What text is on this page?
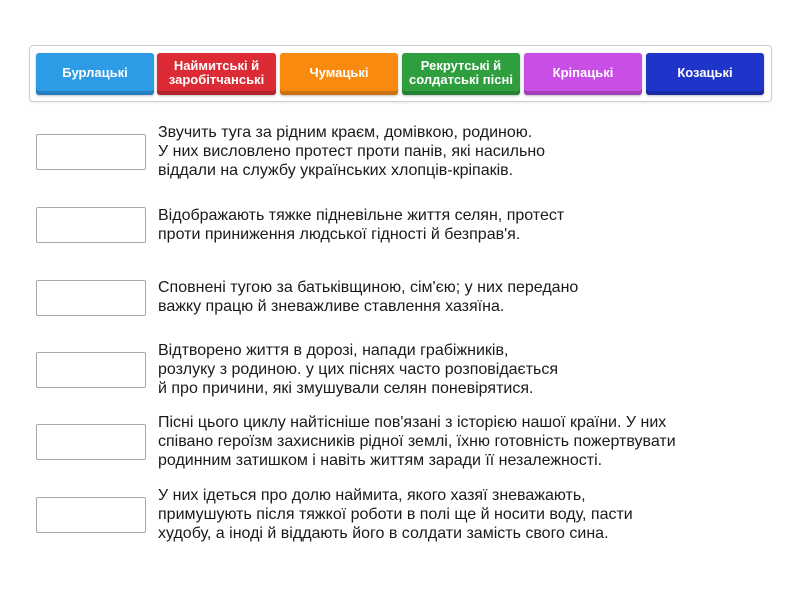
Бурлацькі	Наймитські й
заробітчанські	Чумацькі	Рекрутські й
солдатські пісні	Кріпацькі	Козацькі
Звучить туга за рідним краєм, домівкою, родиною.
У них висловлено протест проти панів, які насильно
віддали на службу українських хлопців-кріпаків.
Відображають тяжке підневільне життя селян, протест
проти приниження людської гідності й безправ'я.
Сповнені тугою за батьківщиною, сім'єю; у них передано
важку працю й зневажливе ставлення хазяїна.
Відтворено життя в дорозі, напади грабіжників,
розлуку з родиною. у цих піснях часто розповідається
й про причини, які змушували селян поневірятися.
Пісні цього циклу найтісніше пов'язані з історією нашої країни. У них
співано героїзм захисників рідної землі, їхню готовність пожертвувати
родинним затишком і навіть життям заради її незалежності.
У них ідеться про долю наймита, якого хазяї зневажають,
примушують після тяжкої роботи в полі ще й носити воду, пасти
худобу, а іноді й віддають його в солдати замість свого сина.
